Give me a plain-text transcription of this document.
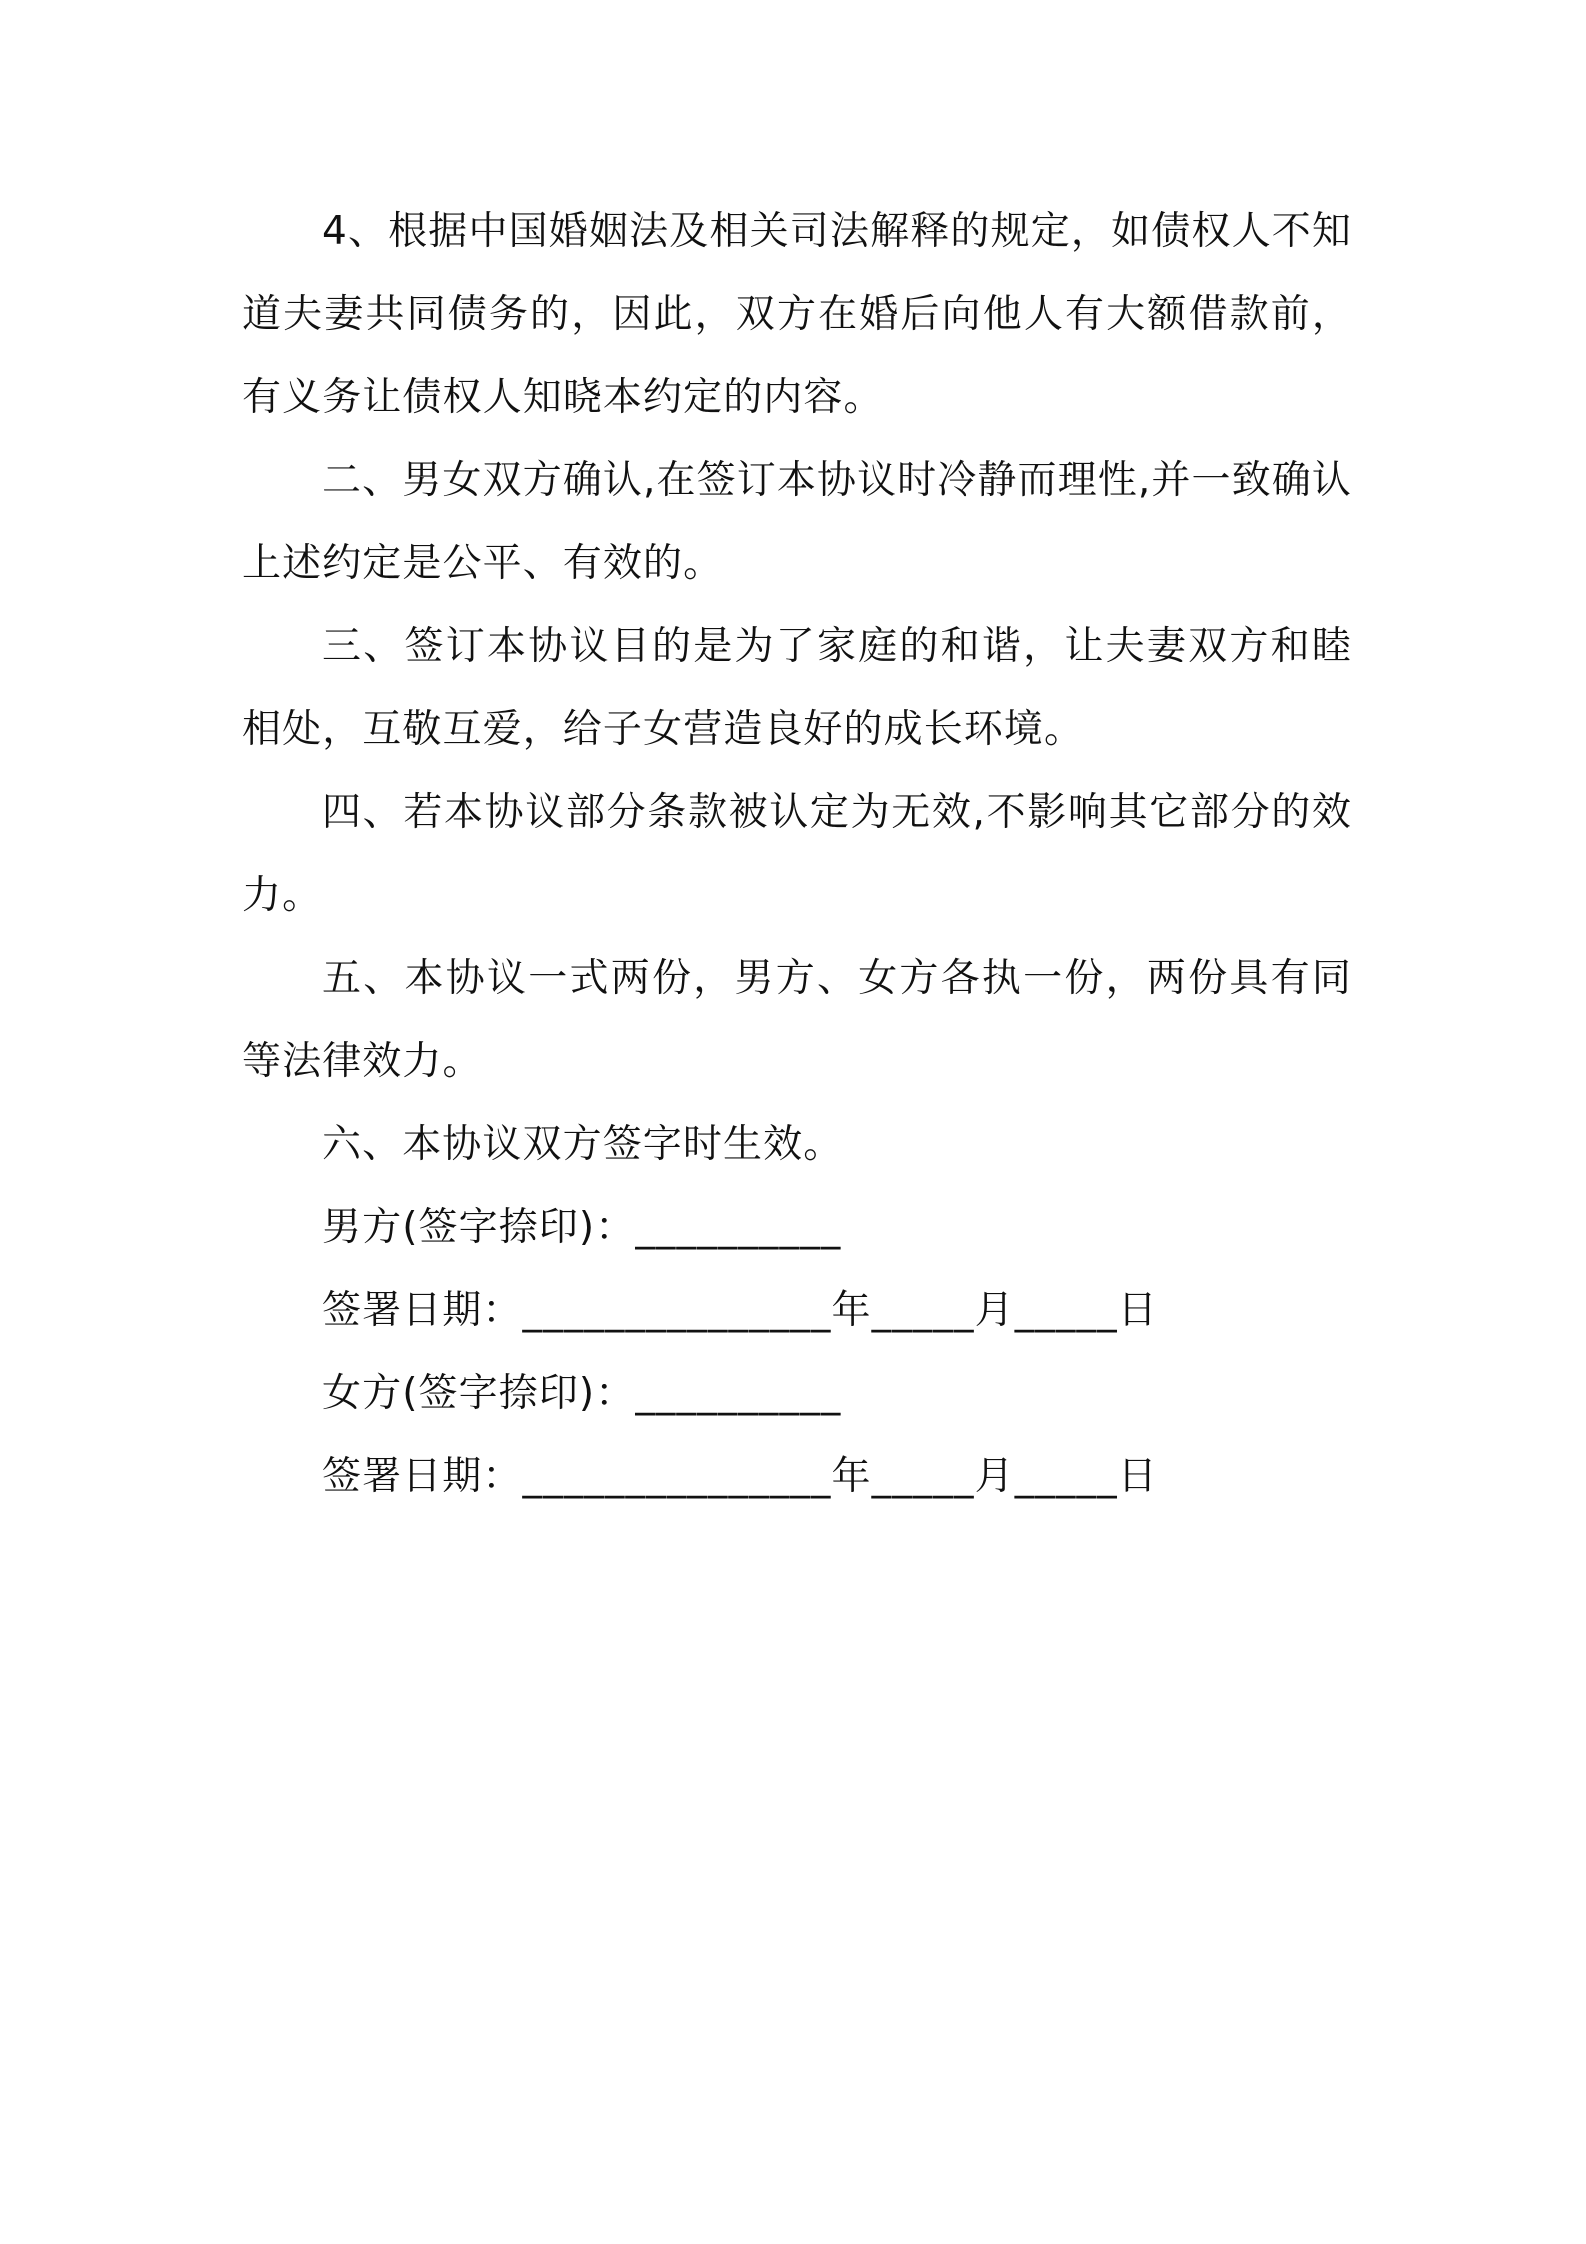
4、根据中国婚姻法及相关司法解释的规定，如债权人不知道夫妻共同债务的，因此，双方在婚后向他人有大额借款前，有义务让债权人知晓本约定的内容。

二、男女双方确认,在签订本协议时冷静而理性,并一致确认上述约定是公平、有效的。

三、签订本协议目的是为了家庭的和谐，让夫妻双方和睦相处，互敬互爱，给子女营造良好的成长环境。

四、若本协议部分条款被认定为无效,不影响其它部分的效力。

五、本协议一式两份，男方、女方各执一份，两份具有同等法律效力。

六、本协议双方签字时生效。

男方(签字捺印)：__________

签署日期：_______________年_____月_____日

女方(签字捺印)：__________

签署日期：_______________年_____月_____日
